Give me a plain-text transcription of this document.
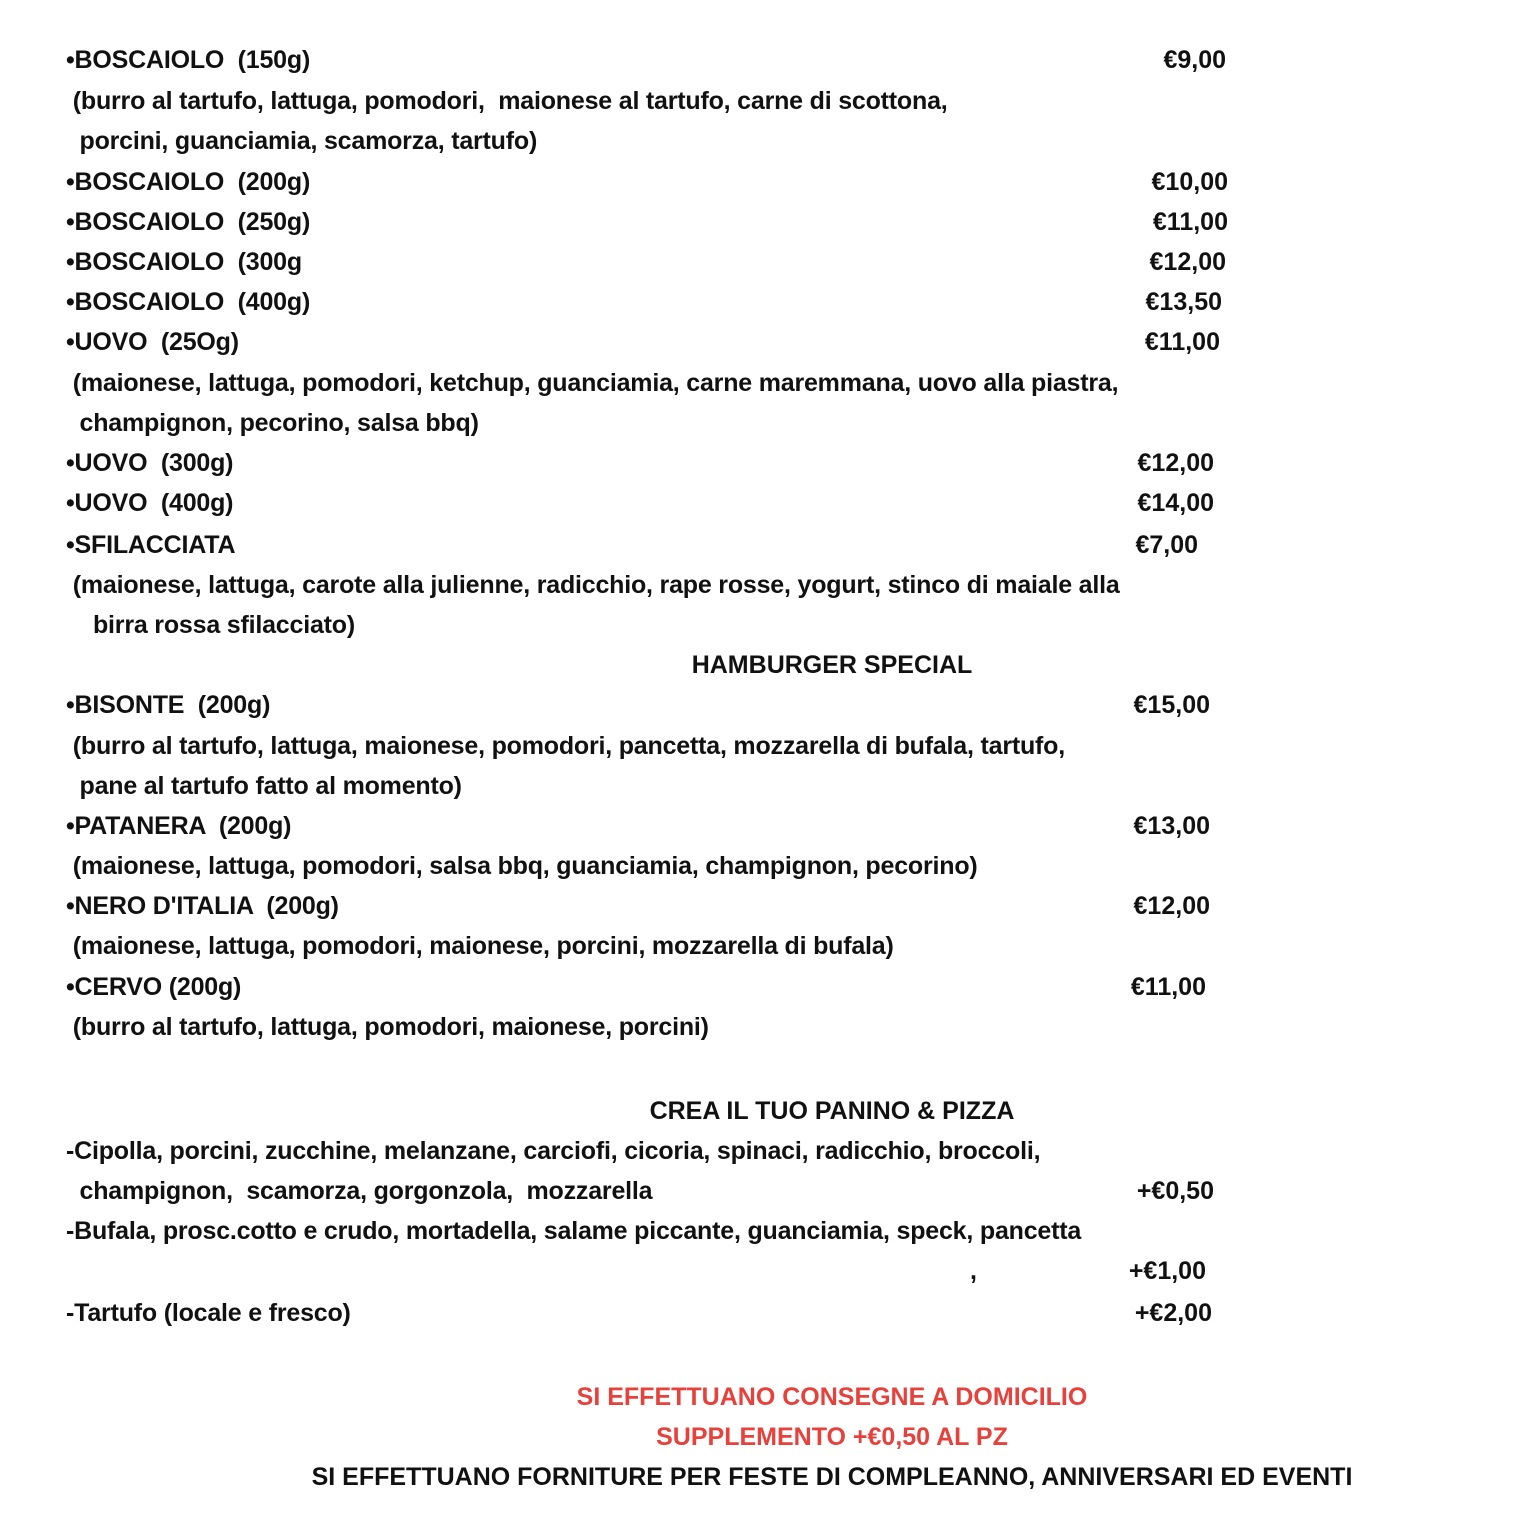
•BOSCAIOLO  (150g)	€9,00
(burro al tartufo, lattuga, pomodori,  maionese al tartufo, carne di scottona,
porcini, guanciamia, scamorza, tartufo)
•BOSCAIOLO  (200g)	€10,00
•BOSCAIOLO  (250g)	€11,00
•BOSCAIOLO  (300g	€12,00
•BOSCAIOLO  (400g)	€13,50
•UOVO  (25Og)	€11,00
(maionese, lattuga, pomodori, ketchup, guanciamia, carne maremmana, uovo alla piastra,
champignon, pecorino, salsa bbq)
•UOVO  (300g)	€12,00
•UOVO  (400g)	€14,00
•SFILACCIATA	€7,00
(maionese, lattuga, carote alla julienne, radicchio, rape rosse, yogurt, stinco di maiale alla
birra rossa sfilacciato)
HAMBURGER SPECIAL
•BISONTE  (200g)	€15,00
(burro al tartufo, lattuga, maionese, pomodori, pancetta, mozzarella di bufala, tartufo,
pane al tartufo fatto al momento)
•PATANERA  (200g)	€13,00
(maionese, lattuga, pomodori, salsa bbq, guanciamia, champignon, pecorino)
•NERO D'ITALIA  (200g)	€12,00
(maionese, lattuga, pomodori, maionese, porcini, mozzarella di bufala)
•CERVO (200g)	€11,00
(burro al tartufo, lattuga, pomodori, maionese, porcini)
CREA IL TUO PANINO & PIZZA
-Cipolla, porcini, zucchine, melanzane, carciofi, cicoria, spinaci, radicchio, broccoli,
champignon,  scamorza, gorgonzola,  mozzarella	+€0,50
-Bufala, prosc.cotto e crudo, mortadella, salame piccante, guanciamia, speck, pancetta
,	+€1,00
-Tartufo (locale e fresco)	+€2,00
SI EFFETTUANO CONSEGNE A DOMICILIO
SUPPLEMENTO +€0,50 AL PZ
SI EFFETTUANO FORNITURE PER FESTE DI COMPLEANNO, ANNIVERSARI ED EVENTI
